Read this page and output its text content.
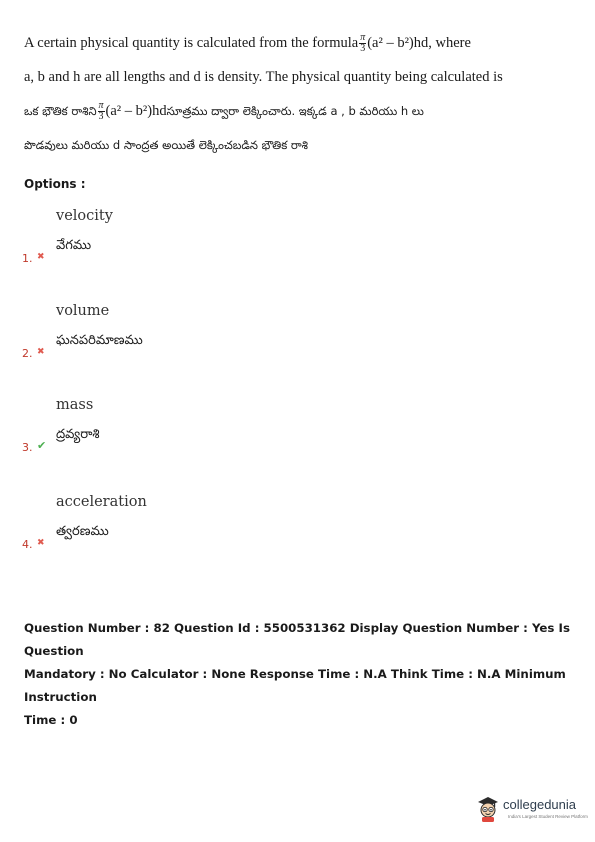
A certain physical quantity is calculated from the formula $\frac{\pi}{3} (a^2 - b^2)hd$ , where
a, b and h are all lengths and d is density. The physical quantity being calculated is
ఒక భౌతిక రాశిని $\frac{\pi}{3} (a^2 - b^2)hd$ సూత్రము ద్వారా లెక్కించారు. ఇక్కడ a , b మరియు h లు
పొడవులు మరియు d సాంద్రత అయితే లెక్కించబడిన భౌతిక రాశి
Options :
velocity
వేగము
1. ✖
volume
ఘనపరిమాణము
2. ✖
mass
ద్రవ్యరాశి
3. ✔
acceleration
త్వరణము
4. ✖
Question Number : 82 Question Id : 5500531362 Display Question Number : Yes Is Question
Mandatory : No Calculator : None Response Time : N.A Think Time : N.A Minimum Instruction
Time : 0
collegedunia
India's Largest Student Review Platform
